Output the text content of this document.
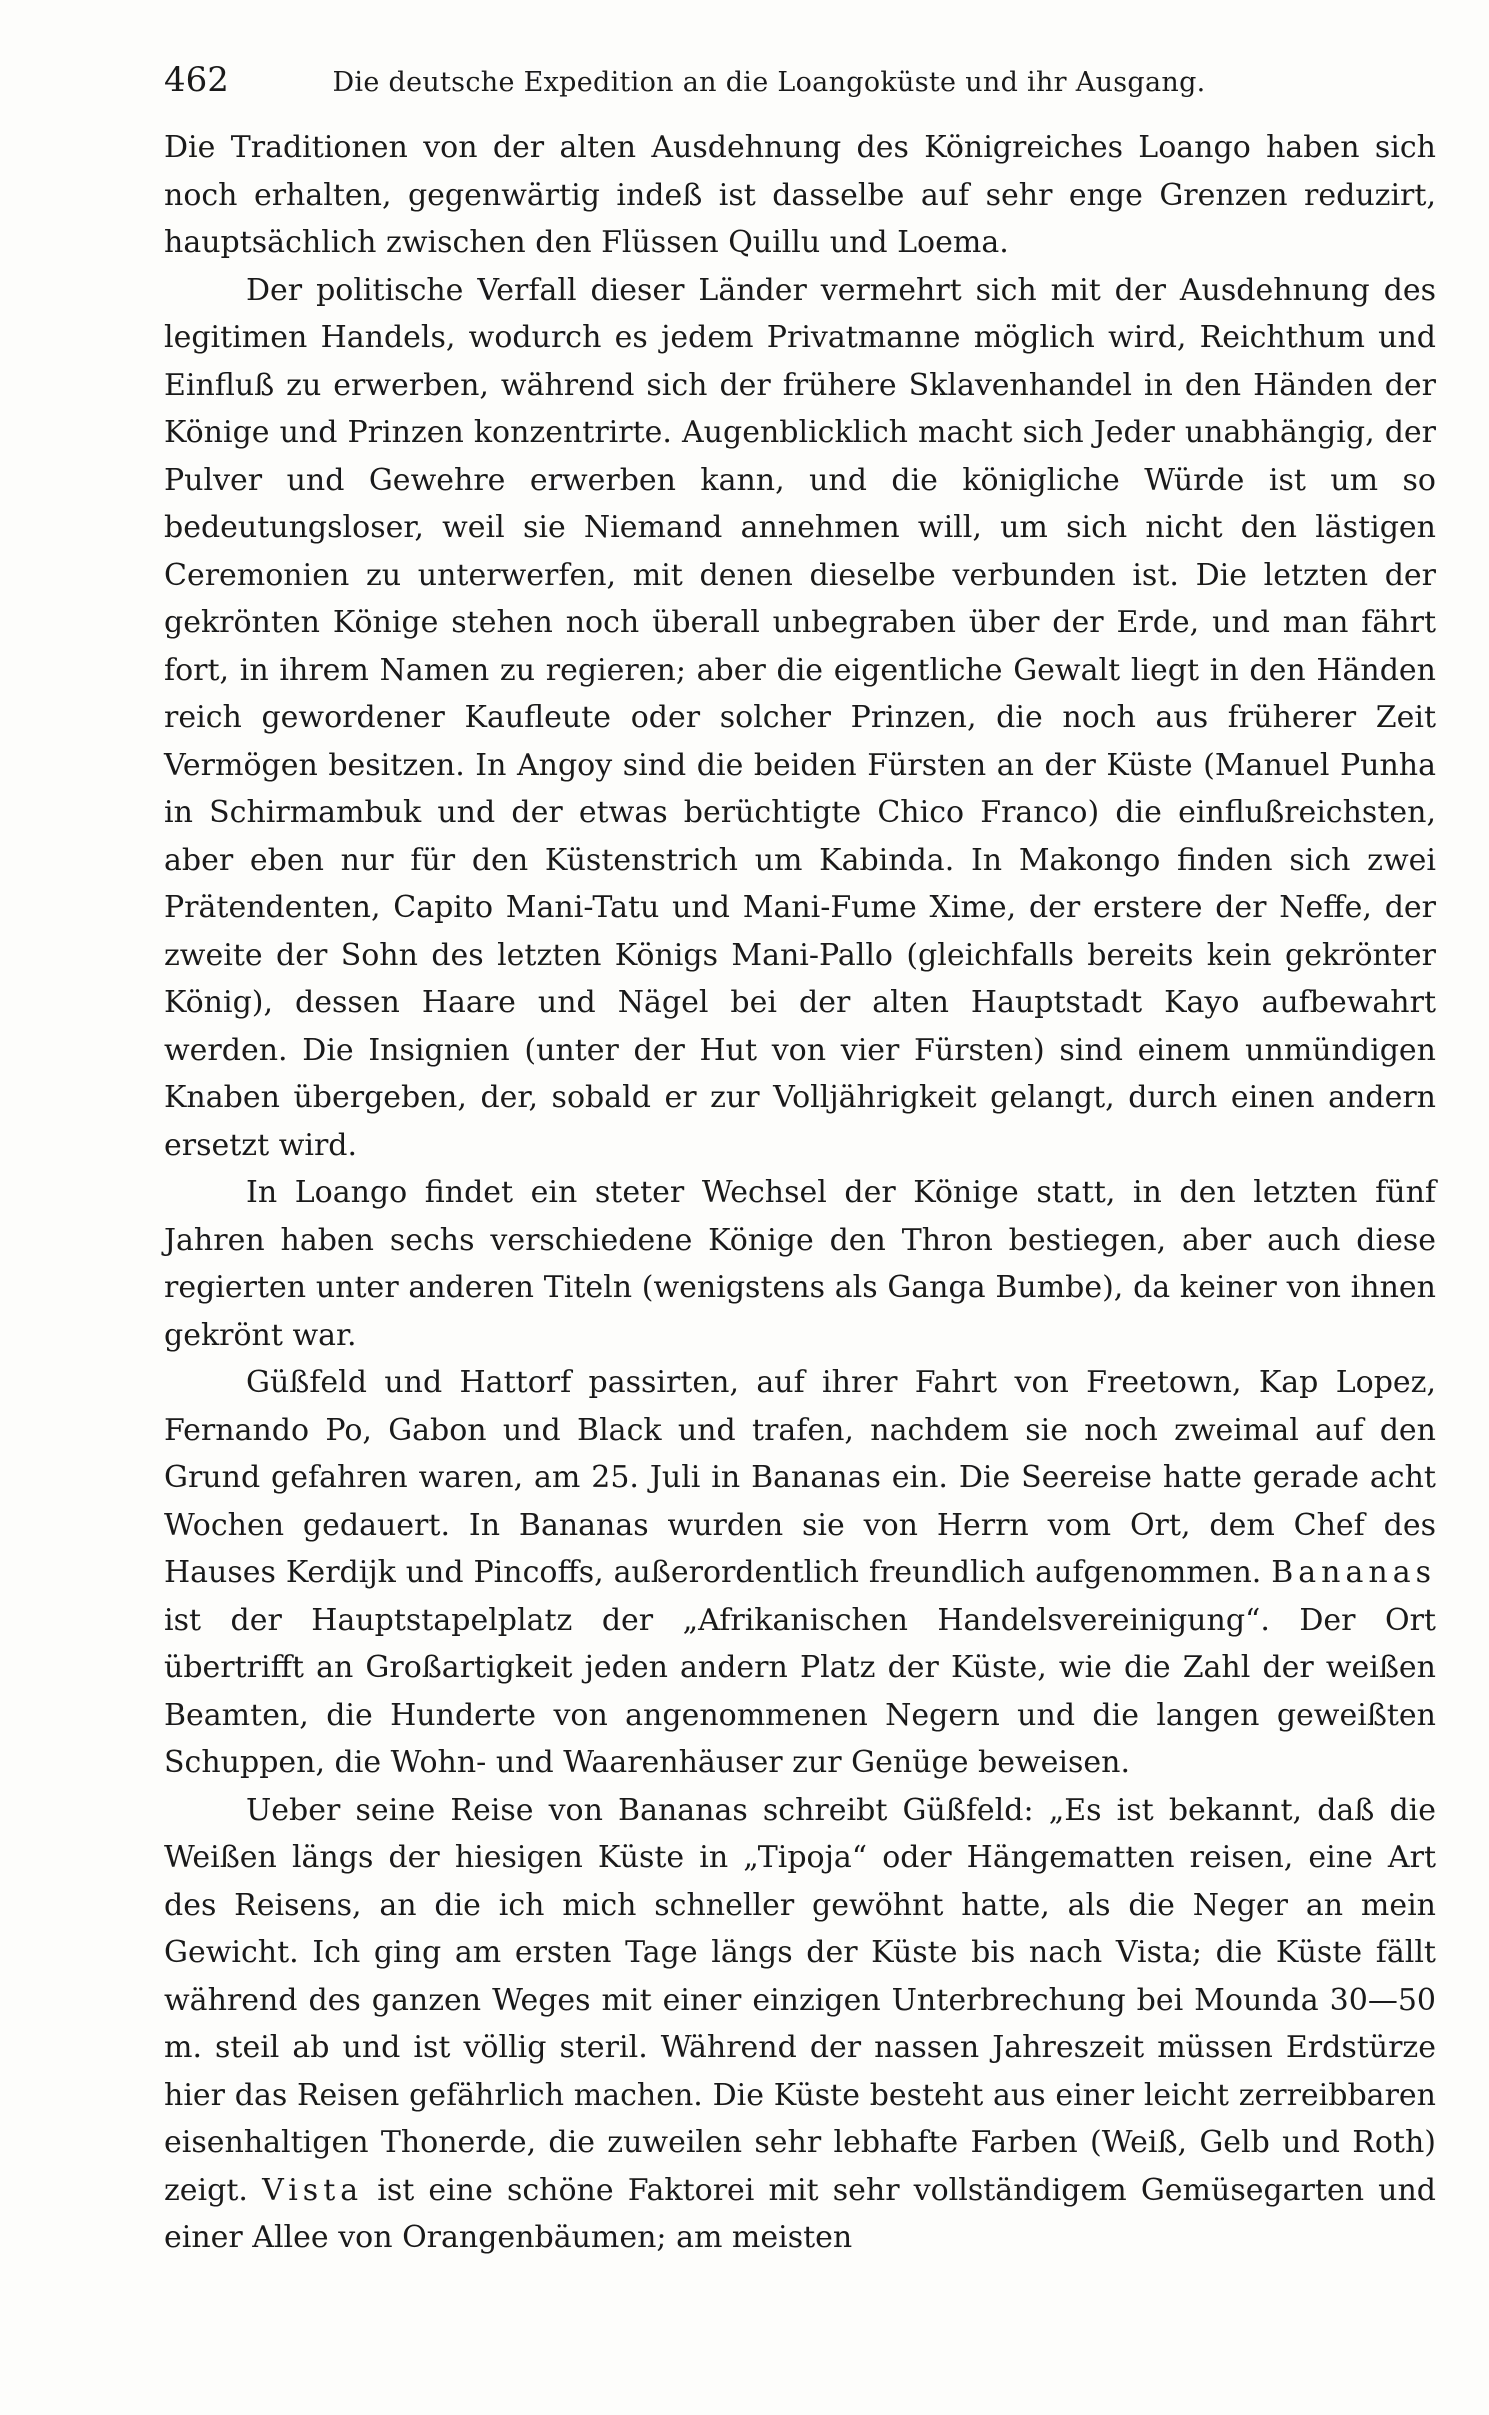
462	Die deutsche Expedition an die Loangoküste und ihr Ausgang.

Die Traditionen von der alten Ausdehnung des Königreiches Loango haben sich noch erhalten, gegenwärtig indeß ist dasselbe auf sehr enge Grenzen reduzirt, hauptsächlich zwischen den Flüssen Quillu und Loema.

Der politische Verfall dieser Länder vermehrt sich mit der Ausdehnung des legitimen Handels, wodurch es jedem Privatmanne möglich wird, Reichthum und Einfluß zu erwerben, während sich der frühere Sklavenhandel in den Händen der Könige und Prinzen konzentrirte. Augenblicklich macht sich Jeder unabhängig, der Pulver und Gewehre erwerben kann, und die königliche Würde ist um so bedeutungsloser, weil sie Niemand annehmen will, um sich nicht den lästigen Ceremonien zu unterwerfen, mit denen dieselbe verbunden ist. Die letzten der gekrönten Könige stehen noch überall unbegraben über der Erde, und man fährt fort, in ihrem Namen zu regieren; aber die eigentliche Gewalt liegt in den Händen reich gewordener Kaufleute oder solcher Prinzen, die noch aus früherer Zeit Vermögen besitzen. In Angoy sind die beiden Fürsten an der Küste (Manuel Punha in Schirmambuk und der etwas berüchtigte Chico Franco) die einflußreichsten, aber eben nur für den Küstenstrich um Kabinda. In Makongo finden sich zwei Prätendenten, Capito Mani-Tatu und Mani-Fume Xime, der erstere der Neffe, der zweite der Sohn des letzten Königs Mani-Pallo (gleichfalls bereits kein gekrönter König), dessen Haare und Nägel bei der alten Hauptstadt Kayo aufbewahrt werden. Die Insignien (unter der Hut von vier Fürsten) sind einem unmündigen Knaben übergeben, der, sobald er zur Volljährigkeit gelangt, durch einen andern ersetzt wird.

In Loango findet ein steter Wechsel der Könige statt, in den letzten fünf Jahren haben sechs verschiedene Könige den Thron bestiegen, aber auch diese regierten unter anderen Titeln (wenigstens als Ganga Bumbe), da keiner von ihnen gekrönt war.

Güßfeld und Hattorf passirten, auf ihrer Fahrt von Freetown, Kap Lopez, Fernando Po, Gabon und Black und trafen, nachdem sie noch zweimal auf den Grund gefahren waren, am 25. Juli in Bananas ein. Die Seereise hatte gerade acht Wochen gedauert. In Bananas wurden sie von Herrn vom Ort, dem Chef des Hauses Kerdijk und Pincoffs, außerordentlich freundlich aufgenommen. Bananas ist der Hauptstapelplatz der „Afrikanischen Handelsvereinigung“. Der Ort übertrifft an Großartigkeit jeden andern Platz der Küste, wie die Zahl der weißen Beamten, die Hunderte von angenommenen Negern und die langen geweißten Schuppen, die Wohn- und Waarenhäuser zur Genüge beweisen.

Ueber seine Reise von Bananas schreibt Güßfeld: „Es ist bekannt, daß die Weißen längs der hiesigen Küste in „Tipoja“ oder Hängematten reisen, eine Art des Reisens, an die ich mich schneller gewöhnt hatte, als die Neger an mein Gewicht. Ich ging am ersten Tage längs der Küste bis nach Vista; die Küste fällt während des ganzen Weges mit einer einzigen Unterbrechung bei Mounda 30—50 m. steil ab und ist völlig steril. Während der nassen Jahreszeit müssen Erdstürze hier das Reisen gefährlich machen. Die Küste besteht aus einer leicht zerreibbaren eisenhaltigen Thonerde, die zuweilen sehr lebhafte Farben (Weiß, Gelb und Roth) zeigt. Vista ist eine schöne Faktorei mit sehr vollständigem Gemüsegarten und einer Allee von Orangenbäumen; am meisten
